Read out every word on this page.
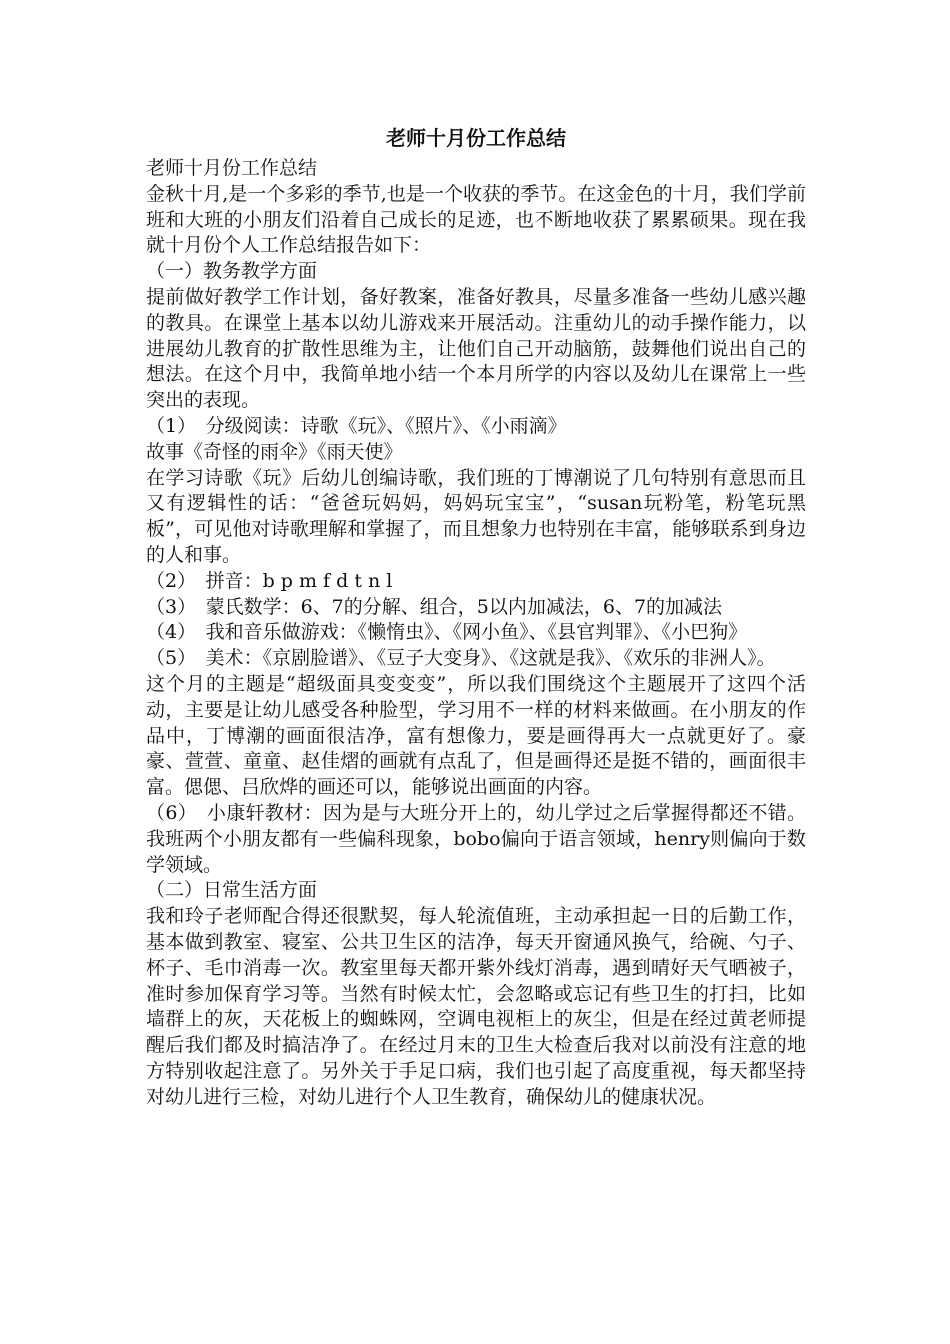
老师十月份工作总结

老师十月份工作总结

金秋十月,是一个多彩的季节,也是一个收获的季节。在这金色的十月，我们学前班和大班的小朋友们沿着自己成长的足迹，也不断地收获了累累硕果。现在我就十月份个人工作总结报告如下：

（一）教务教学方面

提前做好教学工作计划，备好教案，准备好教具，尽量多准备一些幼儿感兴趣的教具。在课堂上基本以幼儿游戏来开展活动。注重幼儿的动手操作能力，以进展幼儿教育的扩散性思维为主，让他们自己开动脑筋，鼓舞他们说出自己的想法。在这个月中，我简单地小结一个本月所学的内容以及幼儿在课常上一些突出的表现。

（1）　分级阅读：诗歌《玩》、《照片》、《小雨滴》

故事《奇怪的雨伞》《雨天使》

在学习诗歌《玩》后幼儿创编诗歌，我们班的丁博潮说了几句特别有意思而且又有逻辑性的话：“爸爸玩妈妈，妈妈玩宝宝”，“susan玩粉笔，粉笔玩黑板”，可见他对诗歌理解和掌握了，而且想象力也特别在丰富，能够联系到身边的人和事。

（2）　拼音：b p m f d t n l

（3）　蒙氏数学：6、7的分解、组合，5以内加减法，6、7的加减法

（4）　我和音乐做游戏：《懒惰虫》、《网小鱼》、《县官判罪》、《小巴狗》

（5）　美术：《京剧脸谱》、《豆子大变身》、《这就是我》、《欢乐的非洲人》。

这个月的主题是“超级面具变变变”，所以我们围绕这个主题展开了这四个活动，主要是让幼儿感受各种脸型，学习用不一样的材料来做画。在小朋友的作品中，丁博潮的画面很洁净，富有想像力，要是画得再大一点就更好了。豪豪、萱萱、童童、赵佳熠的画就有点乱了，但是画得还是挺不错的，画面很丰富。偲偲、吕欣烨的画还可以，能够说出画面的内容。

（6）　小康轩教材：因为是与大班分开上的，幼儿学过之后掌握得都还不错。我班两个小朋友都有一些偏科现象，bobo偏向于语言领域，henry则偏向于数学领域。

（二）日常生活方面

我和玲子老师配合得还很默契，每人轮流值班，主动承担起一日的后勤工作，基本做到教室、寝室、公共卫生区的洁净，每天开窗通风换气，给碗、勺子、杯子、毛巾消毒一次。教室里每天都开紫外线灯消毒，遇到晴好天气晒被子，准时参加保育学习等。当然有时候太忙，会忽略或忘记有些卫生的打扫，比如墙群上的灰，天花板上的蜘蛛网，空调电视柜上的灰尘，但是在经过黄老师提醒后我们都及时搞洁净了。在经过月末的卫生大检查后我对以前没有注意的地方特别收起注意了。另外关于手足口病，我们也引起了高度重视，每天都坚持对幼儿进行三检，对幼儿进行个人卫生教育，确保幼儿的健康状况。
